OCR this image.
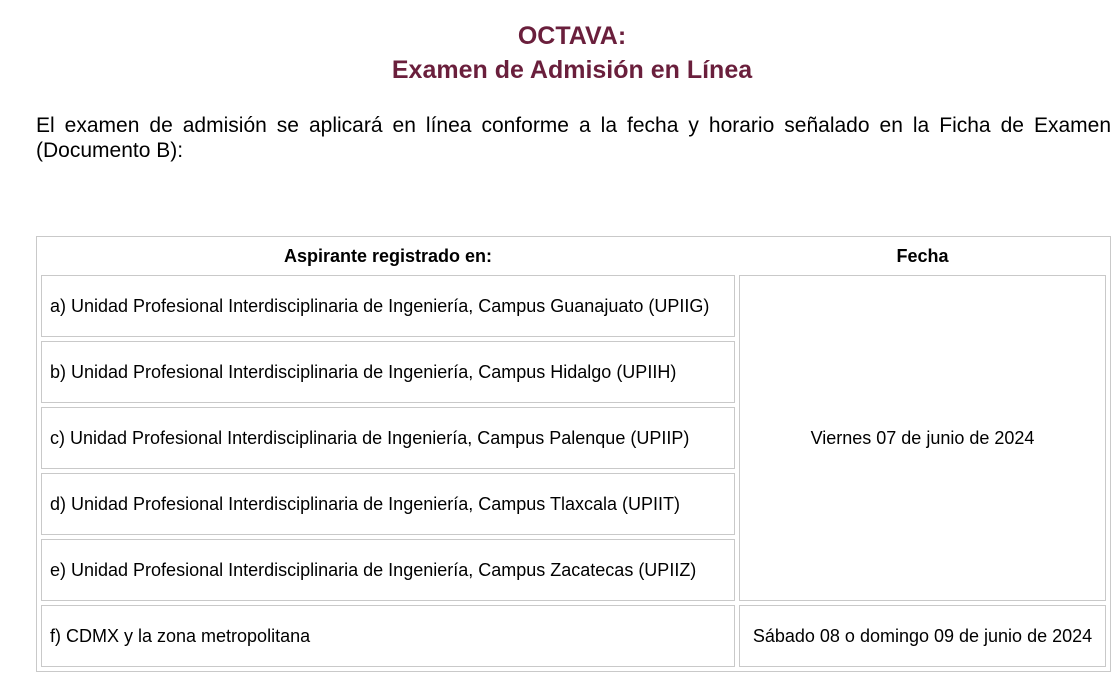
OCTAVA:
Examen de Admisión en Línea

El examen de admisión se aplicará en línea conforme a la fecha y horario señalado en la Ficha de Examen (Documento B):

Aspirante registrado en:	Fecha
a) Unidad Profesional Interdisciplinaria de Ingeniería, Campus Guanajuato (UPIIG)	Viernes 07 de junio de 2024
b) Unidad Profesional Interdisciplinaria de Ingeniería, Campus Hidalgo (UPIIH)	
c) Unidad Profesional Interdisciplinaria de Ingeniería, Campus Palenque (UPIIP)	
d) Unidad Profesional Interdisciplinaria de Ingeniería, Campus Tlaxcala (UPIIT)	
e) Unidad Profesional Interdisciplinaria de Ingeniería, Campus Zacatecas (UPIIZ)	
f) CDMX y la zona metropolitana	Sábado 08 o domingo 09 de junio de 2024
